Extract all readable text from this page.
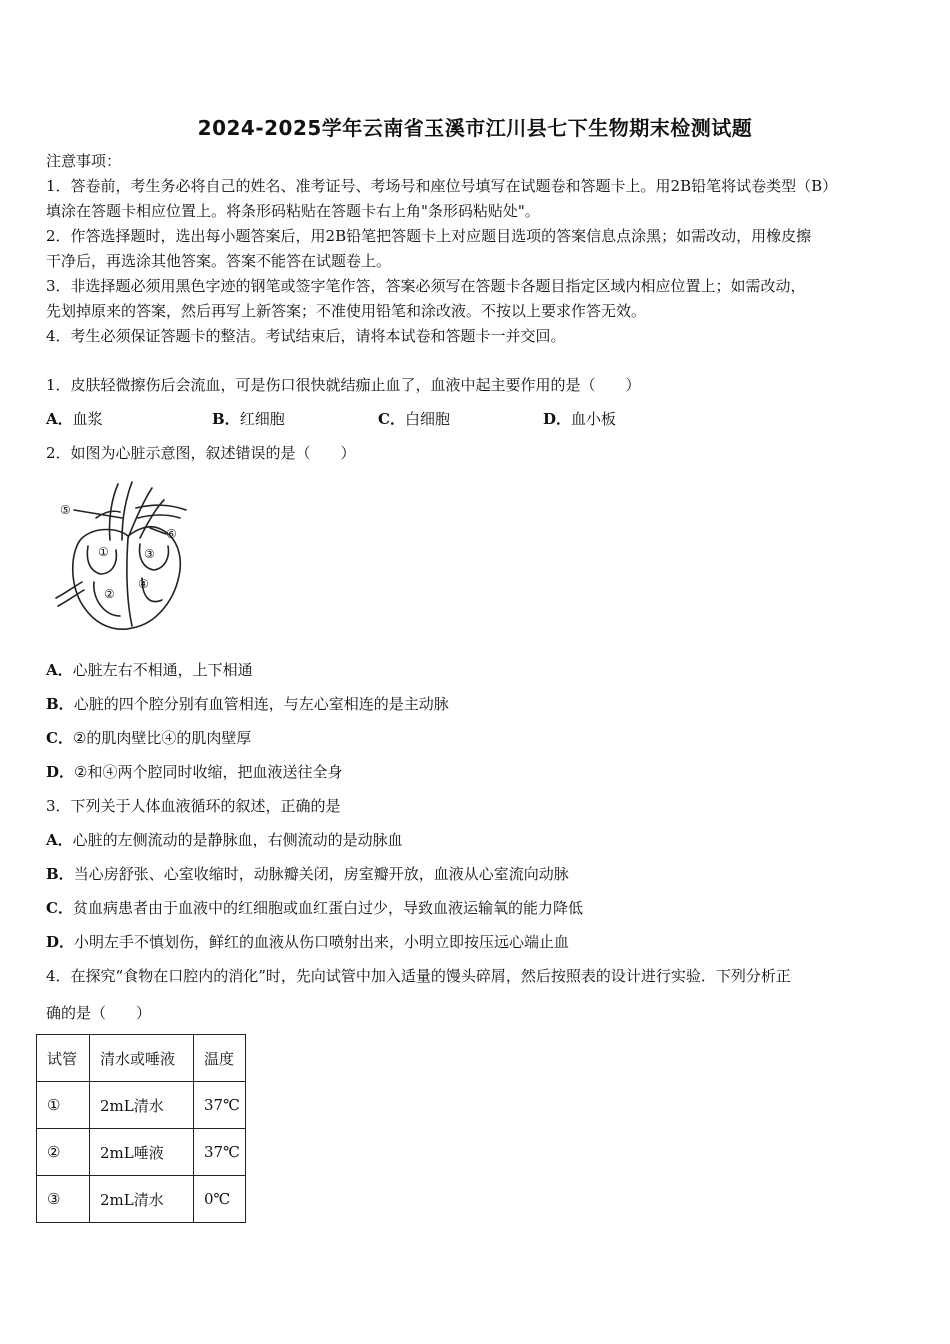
2024-2025学年云南省玉溪市江川县七下生物期末检测试题
注意事项：
1．答卷前，考生务必将自己的姓名、准考证号、考场号和座位号填写在试题卷和答题卡上。用2B铅笔将试卷类型（B）
填涂在答题卡相应位置上。将条形码粘贴在答题卡右上角"条形码粘贴处"。
2．作答选择题时，选出每小题答案后，用2B铅笔把答题卡上对应题目选项的答案信息点涂黑；如需改动，用橡皮擦
干净后，再选涂其他答案。答案不能答在试题卷上。
3．非选择题必须用黑色字迹的钢笔或签字笔作答，答案必须写在答题卡各题目指定区域内相应位置上；如需改动，
先划掉原来的答案，然后再写上新答案；不准使用铅笔和涂改液。不按以上要求作答无效。
4．考生必须保证答题卡的整洁。考试结束后，请将本试卷和答题卡一并交回。
1．皮肤轻微擦伤后会流血，可是伤口很快就结痂止血了，血液中起主要作用的是（　　）
A．血浆	B．红细胞	C．白细胞	D．血小板
2．如图为心脏示意图，叙述错误的是（　　）
①
②
③
④
⑤
⑥
A．心脏左右不相通，上下相通
B．心脏的四个腔分别有血管相连，与左心室相连的是主动脉
C．②的肌肉壁比④的肌肉壁厚
D．②和④两个腔同时收缩，把血液送往全身
3．下列关于人体血液循环的叙述，正确的是
A．心脏的左侧流动的是静脉血，右侧流动的是动脉血
B．当心房舒张、心室收缩时，动脉瓣关闭，房室瓣开放，血液从心室流向动脉
C．贫血病患者由于血液中的红细胞或血红蛋白过少，导致血液运输氧的能力降低
D．小明左手不慎划伤，鲜红的血液从伤口喷射出来，小明立即按压远心端止血
4．在探究“食物在口腔内的消化”时，先向试管中加入适量的馒头碎屑，然后按照表的设计进行实验．下列分析正
确的是（　　）
试管	清水或唾液	温度
①	2mL清水	37℃
②	2mL唾液	37℃
③	2mL清水	0℃
